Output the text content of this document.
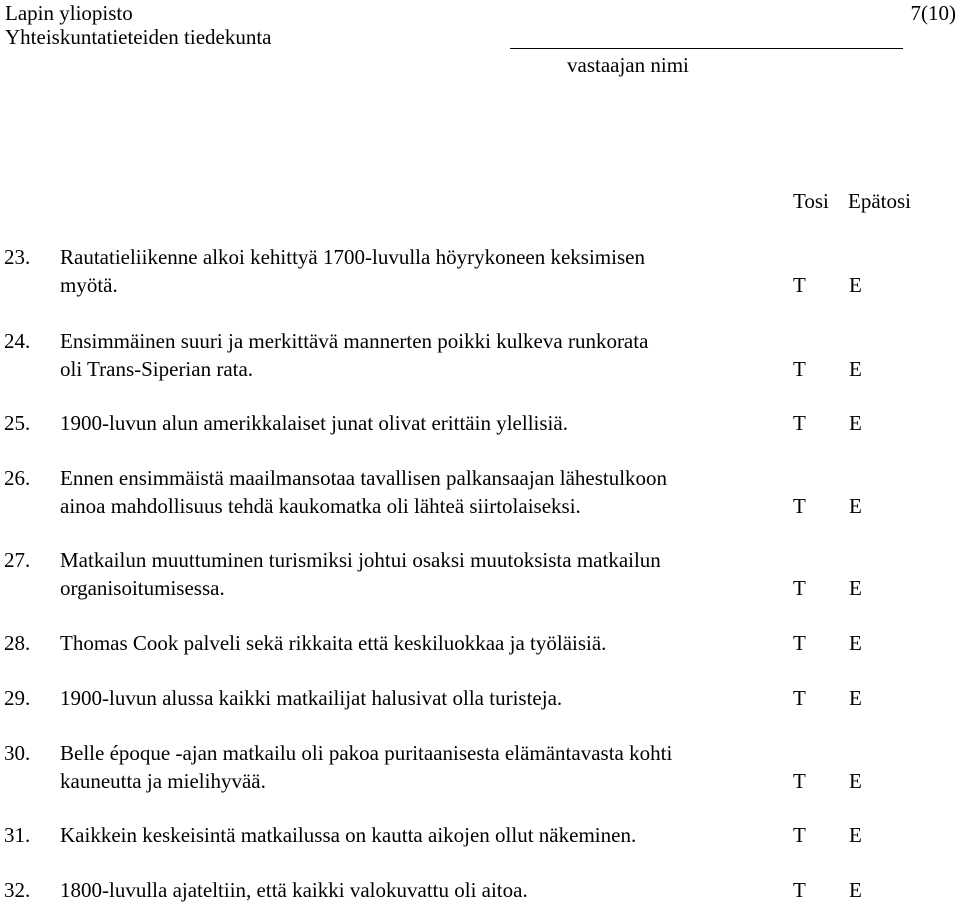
Lapin yliopisto
Yhteiskuntatieteiden tiedekunta
7(10)
vastaajan nimi
Tosi Epätosi
23. Rautatieliikenne alkoi kehittyä 1700-luvulla höyrykoneen keksimisen
myötä.	T E
24. Ensimmäinen suuri ja merkittävä mannerten poikki kulkeva runkorata
oli Trans-Siperian rata.	T E
25. 1900-luvun alun amerikkalaiset junat olivat erittäin ylellisiä.	T E
26. Ennen ensimmäistä maailmansotaa tavallisen palkansaajan lähestulkoon
ainoa mahdollisuus tehdä kaukomatka oli lähteä siirtolaiseksi.	T E
27. Matkailun muuttuminen turismiksi johtui osaksi muutoksista matkailun
organisoitumisessa.	T E
28. Thomas Cook palveli sekä rikkaita että keskiluokkaa ja työläisiä.	T E
29. 1900-luvun alussa kaikki matkailijat halusivat olla turisteja.	T E
30. Belle époque -ajan matkailu oli pakoa puritaanisesta elämäntavasta kohti
kauneutta ja mielihyvää.	T E
31. Kaikkein keskeisintä matkailussa on kautta aikojen ollut näkeminen.	T E
32. 1800-luvulla ajateltiin, että kaikki valokuvattu oli aitoa.	T E
